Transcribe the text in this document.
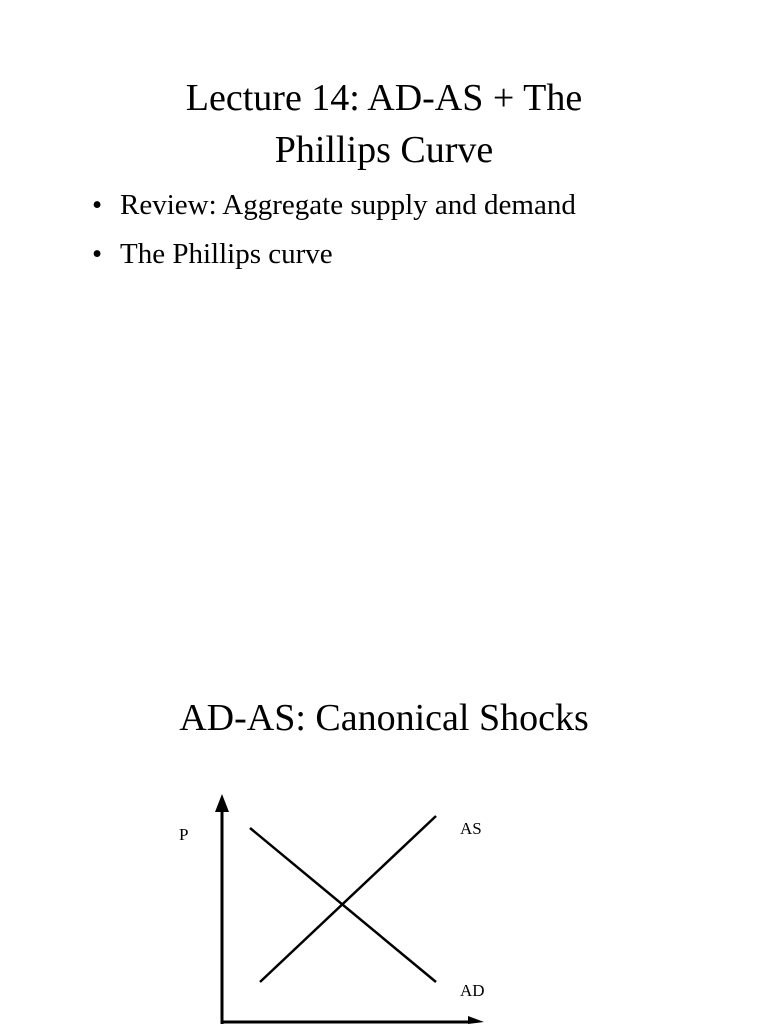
Lecture 14: AD-AS + The
Phillips Curve
• Review: Aggregate supply and demand
• The Phillips curve
AD-AS: Canonical Shocks
P	AS
AD
